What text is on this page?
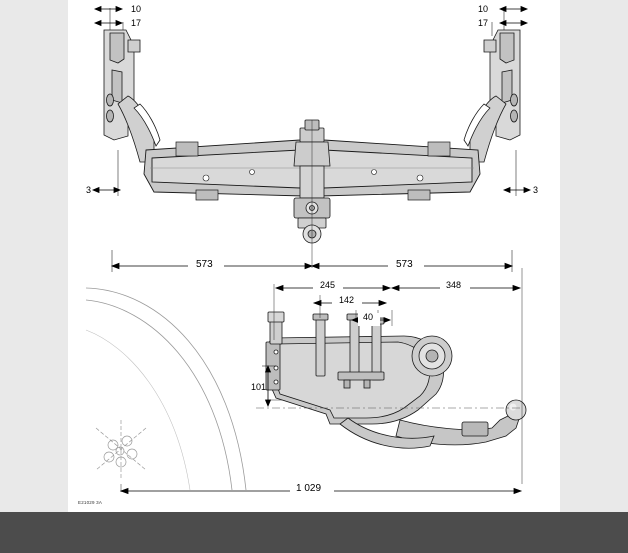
10
17
10
17
3	3
573	573
245	348
142
40
101
1 029
E21029 3A
